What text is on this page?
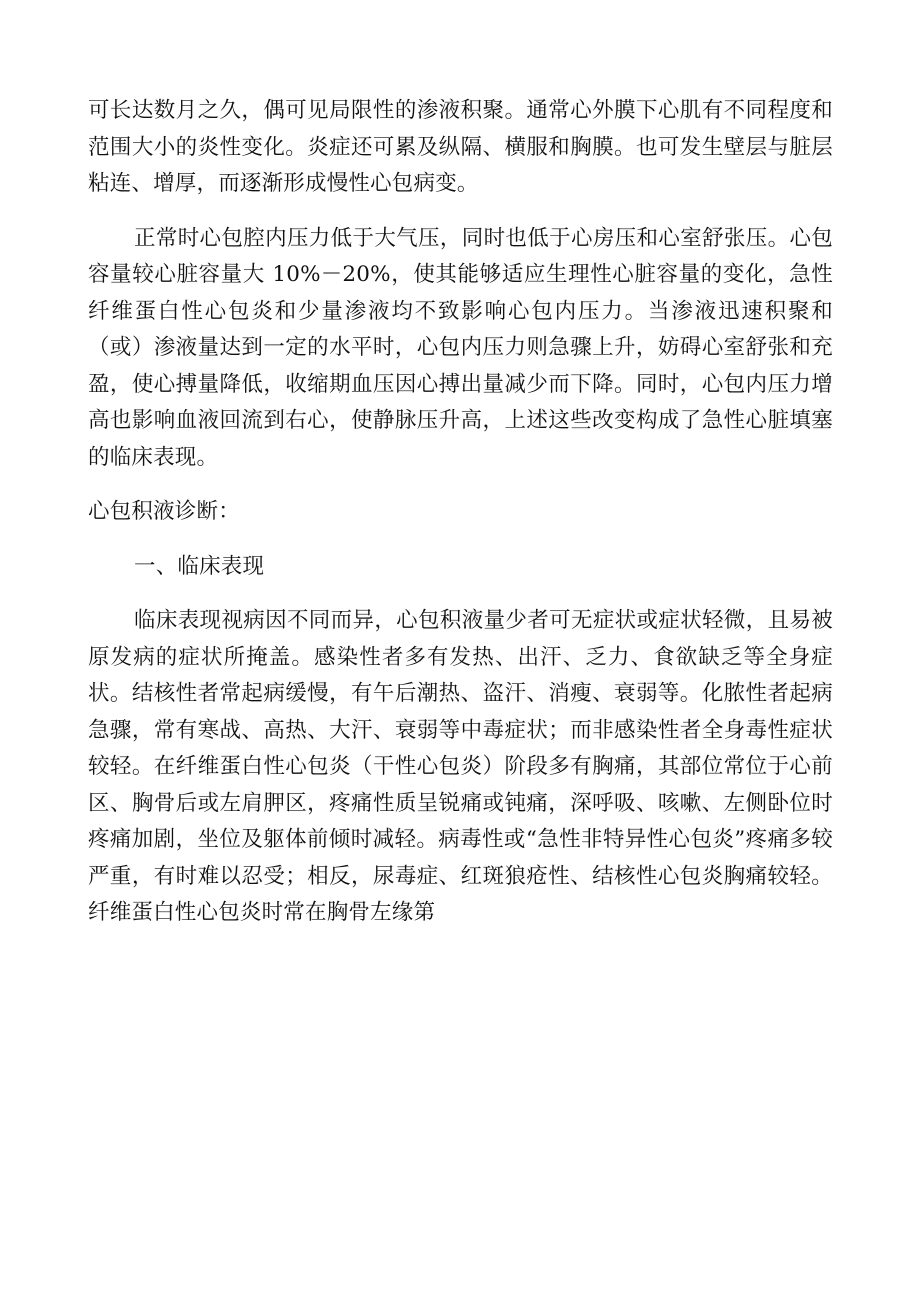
可长达数月之久，偶可见局限性的渗液积聚。通常心外膜下心肌有不同程度和范围大小的炎性变化。炎症还可累及纵隔、横服和胸膜。也可发生壁层与脏层粘连、增厚，而逐渐形成慢性心包病变。

正常时心包腔内压力低于大气压，同时也低于心房压和心室舒张压。心包容量较心脏容量大 10%－20%，使其能够适应生理性心脏容量的变化，急性纤维蛋白性心包炎和少量渗液均不致影响心包内压力。当渗液迅速积聚和（或）渗液量达到一定的水平时，心包内压力则急骤上升，妨碍心室舒张和充盈，使心搏量降低，收缩期血压因心搏出量减少而下降。同时，心包内压力增高也影响血液回流到右心，使静脉压升高，上述这些改变构成了急性心脏填塞的临床表现。

心包积液诊断：

一、临床表现

临床表现视病因不同而异，心包积液量少者可无症状或症状轻微，且易被原发病的症状所掩盖。感染性者多有发热、出汗、乏力、食欲缺乏等全身症状。结核性者常起病缓慢，有午后潮热、盗汗、消瘦、衰弱等。化脓性者起病急骤，常有寒战、高热、大汗、衰弱等中毒症状；而非感染性者全身毒性症状较轻。在纤维蛋白性心包炎（干性心包炎）阶段多有胸痛，其部位常位于心前区、胸骨后或左肩胛区，疼痛性质呈锐痛或钝痛，深呼吸、咳嗽、左侧卧位时疼痛加剧，坐位及躯体前倾时减轻。病毒性或“急性非特异性心包炎”疼痛多较严重，有时难以忍受；相反，尿毒症、红斑狼疮性、结核性心包炎胸痛较轻。纤维蛋白性心包炎时常在胸骨左缘第
